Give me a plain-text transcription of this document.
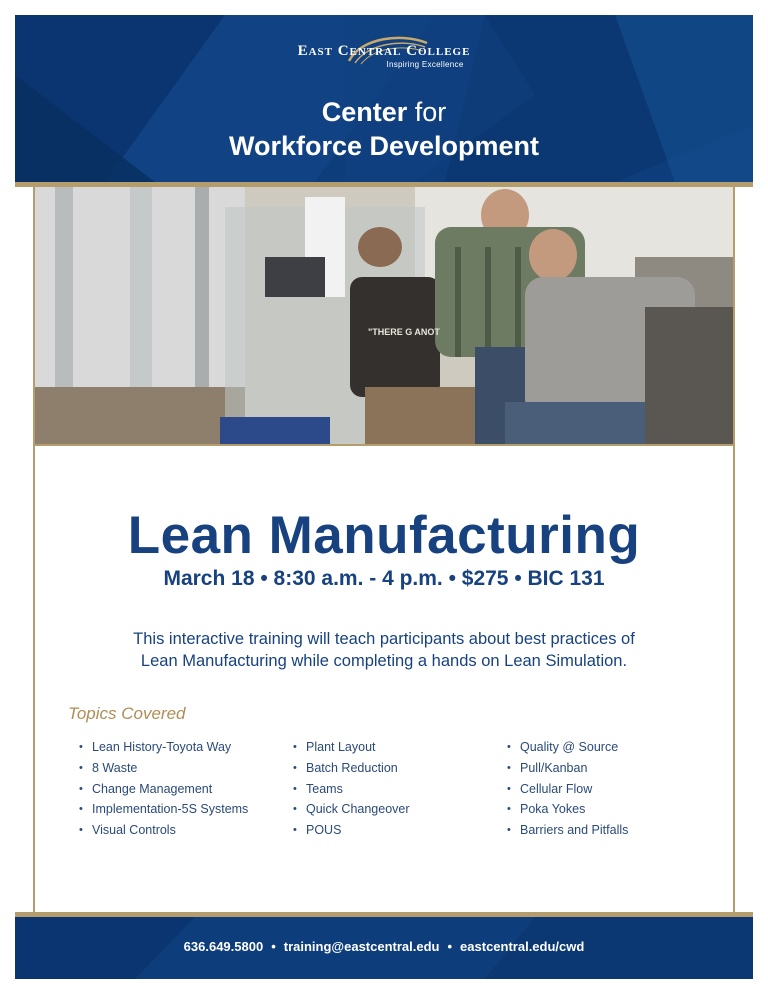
East Central College
Inspiring Excellence
Center for
Workforce Development
"THERE G ANOT
Lean Manufacturing
March 18 • 8:30 a.m. - 4 p.m. • $275 • BIC 131
This interactive training will teach participants about best practices of
Lean Manufacturing while completing a hands on Lean Simulation.
Topics Covered
• Lean History-Toyota Way
• 8 Waste
• Change Management
• Implementation-5S Systems
• Visual Controls
• Plant Layout
• Batch Reduction
• Teams
• Quick Changeover
• POUS
• Quality @ Source
• Pull/Kanban
• Cellular Flow
• Poka Yokes
• Barriers and Pitfalls
636.649.5800 • training@eastcentral.edu • eastcentral.edu/cwd
